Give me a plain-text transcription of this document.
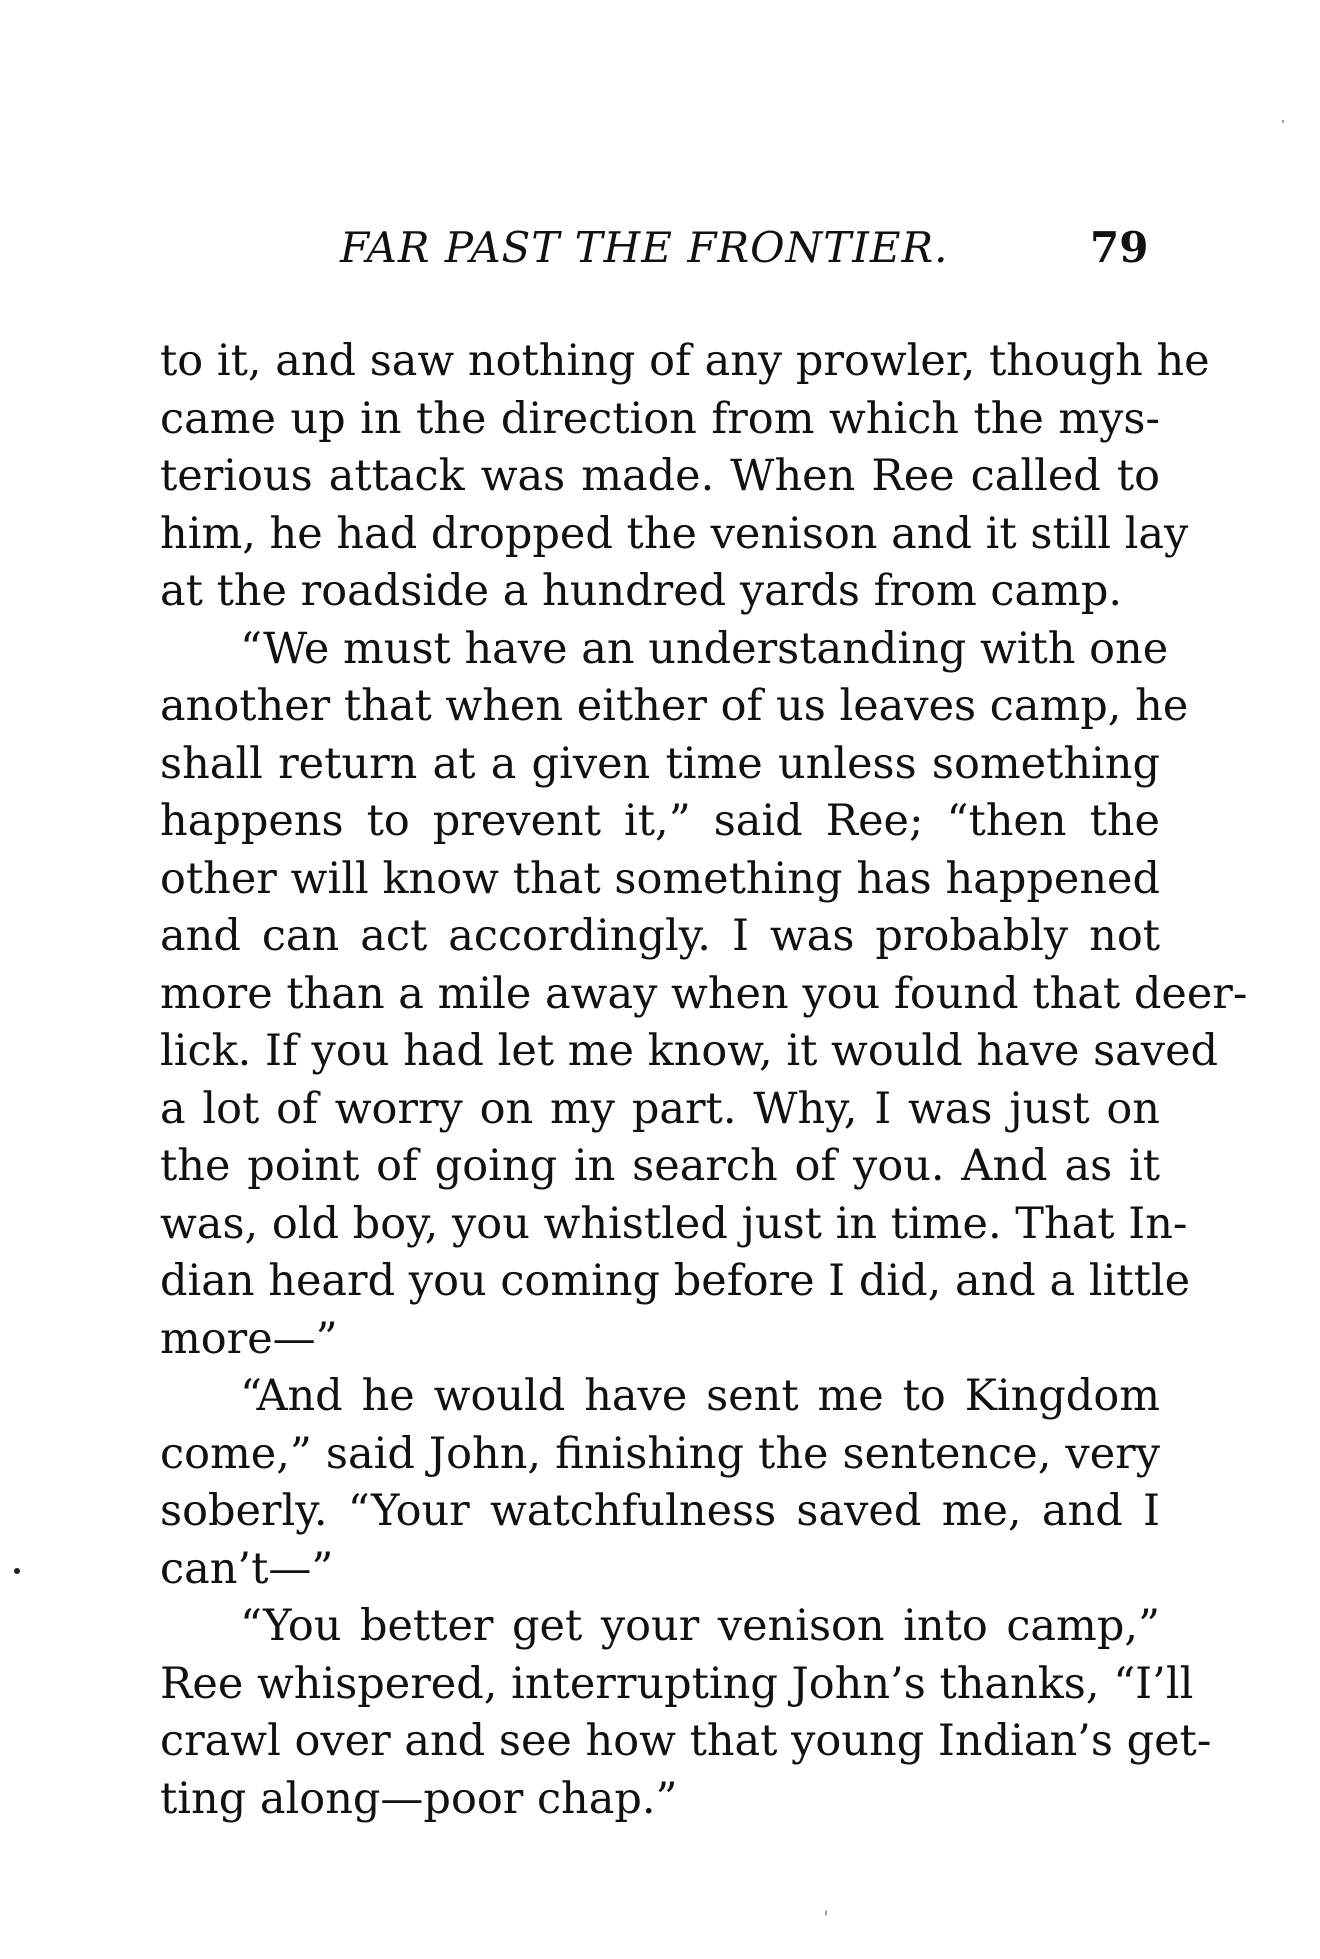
FAR PAST THE FRONTIER.	79
to it, and saw nothing of any prowler, though he
came up in the direction from which the mys-
terious attack was made. When Ree called to
him, he had dropped the venison and it still lay
at the roadside a hundred yards from camp.
“We must have an understanding with one
another that when either of us leaves camp, he
shall return at a given time unless something
happens to prevent it,” said Ree; “then the
other will know that something has happened
and can act accordingly. I was probably not
more than a mile away when you found that deer-
lick. If you had let me know, it would have saved
a lot of worry on my part. Why, I was just on
the point of going in search of you. And as it
was, old boy, you whistled just in time. That In-
dian heard you coming before I did, and a little
more—”
“And he would have sent me to Kingdom
come,” said John, finishing the sentence, very
soberly. “Your watchfulness saved me, and I
can’t—”
“You better get your venison into camp,”
Ree whispered, interrupting John’s thanks, “I’ll
crawl over and see how that young Indian’s get-
ting along—poor chap.”
